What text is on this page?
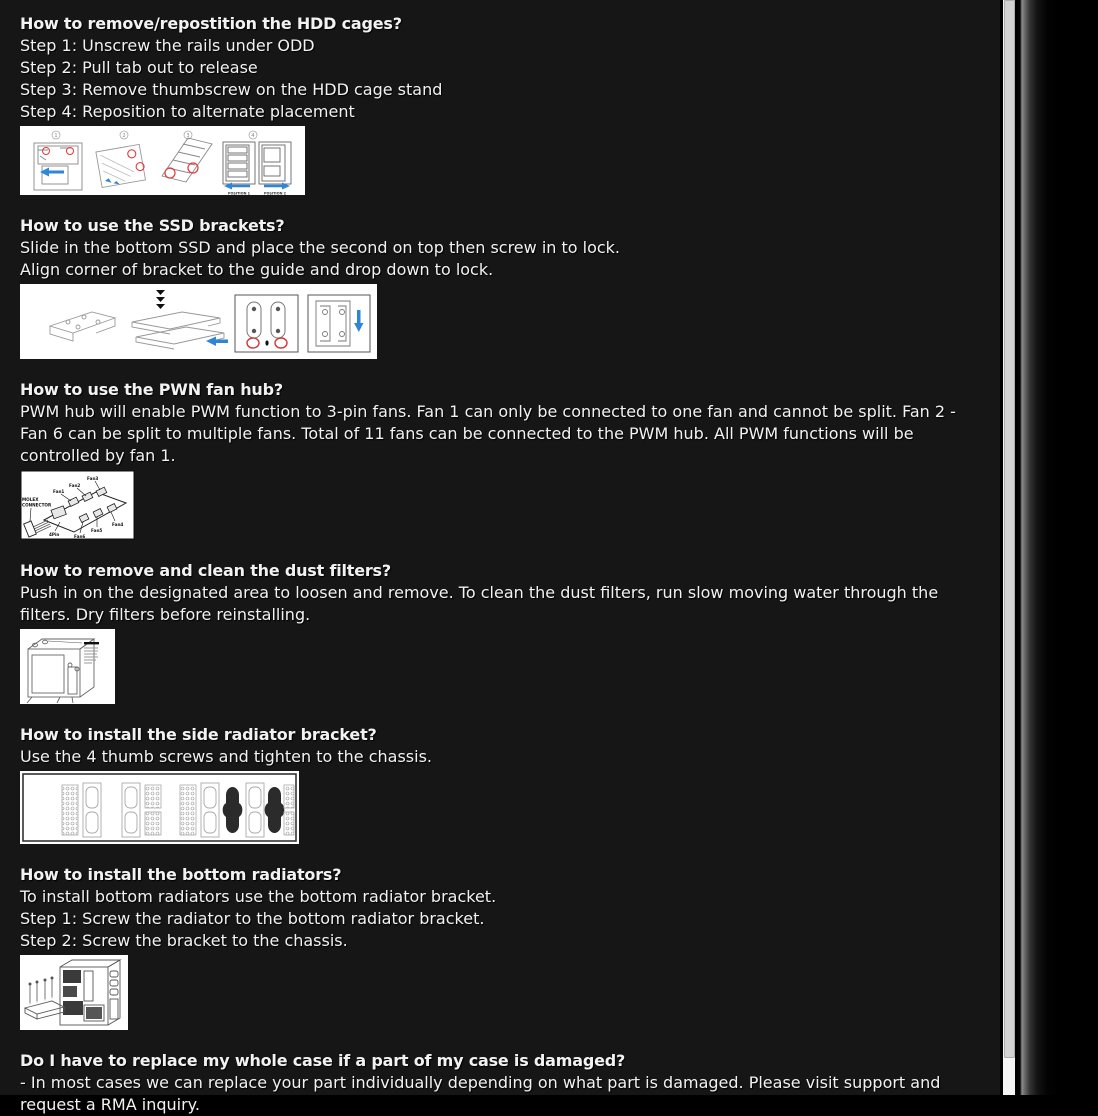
How to remove/repostition the HDD cages?
Step 1: Unscrew the rails under ODD
Step 2: Pull tab out to release
Step 3: Remove thumbscrew on the HDD cage stand
Step 4: Reposition to alternate placement
1	2	3	4
POSITION 1	POSITION 2
How to use the SSD brackets?
Slide in the bottom SSD and place the second on top then screw in to lock.
Align corner of bracket to the guide and drop down to lock.
How to use the PWN fan hub?
PWM hub will enable PWM function to 3-pin fans. Fan 1 can only be connected to one fan and cannot be split. Fan 2 - Fan 6 can be split to multiple fans. Total of 11 fans can be connected to the PWM hub. All PWM functions will be controlled by fan 1.
MOLEX
CONNECTOR
Fan1
Fan2
Fan3
4Pin	Fan6
Fan5
Fan4
How to remove and clean the dust filters?
Push in on the designated area to loosen and remove. To clean the dust filters, run slow moving water through the filters. Dry filters before reinstalling.
How to install the side radiator bracket?
Use the 4 thumb screws and tighten to the chassis.
How to install the bottom radiators?
To install bottom radiators use the bottom radiator bracket.
Step 1: Screw the radiator to the bottom radiator bracket.
Step 2: Screw the bracket to the chassis.
Do I have to replace my whole case if a part of my case is damaged?
- In most cases we can replace your part individually depending on what part is damaged. Please visit support and request a RMA inquiry.
